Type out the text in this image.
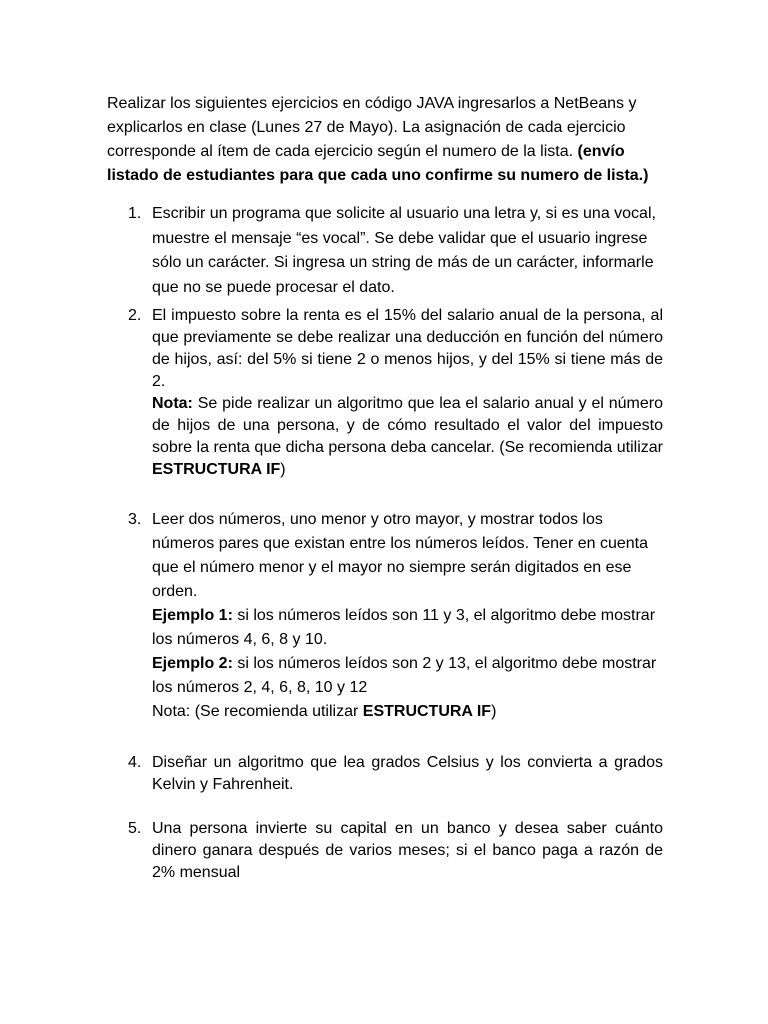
Realizar los siguientes ejercicios en código JAVA ingresarlos a NetBeans y explicarlos en clase (Lunes 27 de Mayo). La asignación de cada ejercicio corresponde al ítem de cada ejercicio según el numero de la lista. (envío listado de estudiantes para que cada uno confirme su numero de lista.)

1. Escribir un programa que solicite al usuario una letra y, si es una vocal, muestre el mensaje “es vocal”. Se debe validar que el usuario ingrese sólo un carácter. Si ingresa un string de más de un carácter, informarle que no se puede procesar el dato.
2. El impuesto sobre la renta es el 15% del salario anual de la persona, al que previamente se debe realizar una deducción en función del número de hijos, así: del 5% si tiene 2 o menos hijos, y del 15% si tiene más de 2.
Nota: Se pide realizar un algoritmo que lea el salario anual y el número de hijos de una persona, y de cómo resultado el valor del impuesto sobre la renta que dicha persona deba cancelar. (Se recomienda utilizar ESTRUCTURA IF)
3. Leer dos números, uno menor y otro mayor, y mostrar todos los números pares que existan entre los números leídos. Tener en cuenta que el número menor y el mayor no siempre serán digitados en ese orden.
Ejemplo 1: si los números leídos son 11 y 3, el algoritmo debe mostrar los números 4, 6, 8 y 10.
Ejemplo 2: si los números leídos son 2 y 13, el algoritmo debe mostrar los números 2, 4, 6, 8, 10 y 12
Nota: (Se recomienda utilizar ESTRUCTURA IF)
4. Diseñar un algoritmo que lea grados Celsius y los convierta a grados Kelvin y Fahrenheit.
5. Una persona invierte su capital en un banco y desea saber cuánto dinero ganara después de varios meses; si el banco paga a razón de 2% mensual
